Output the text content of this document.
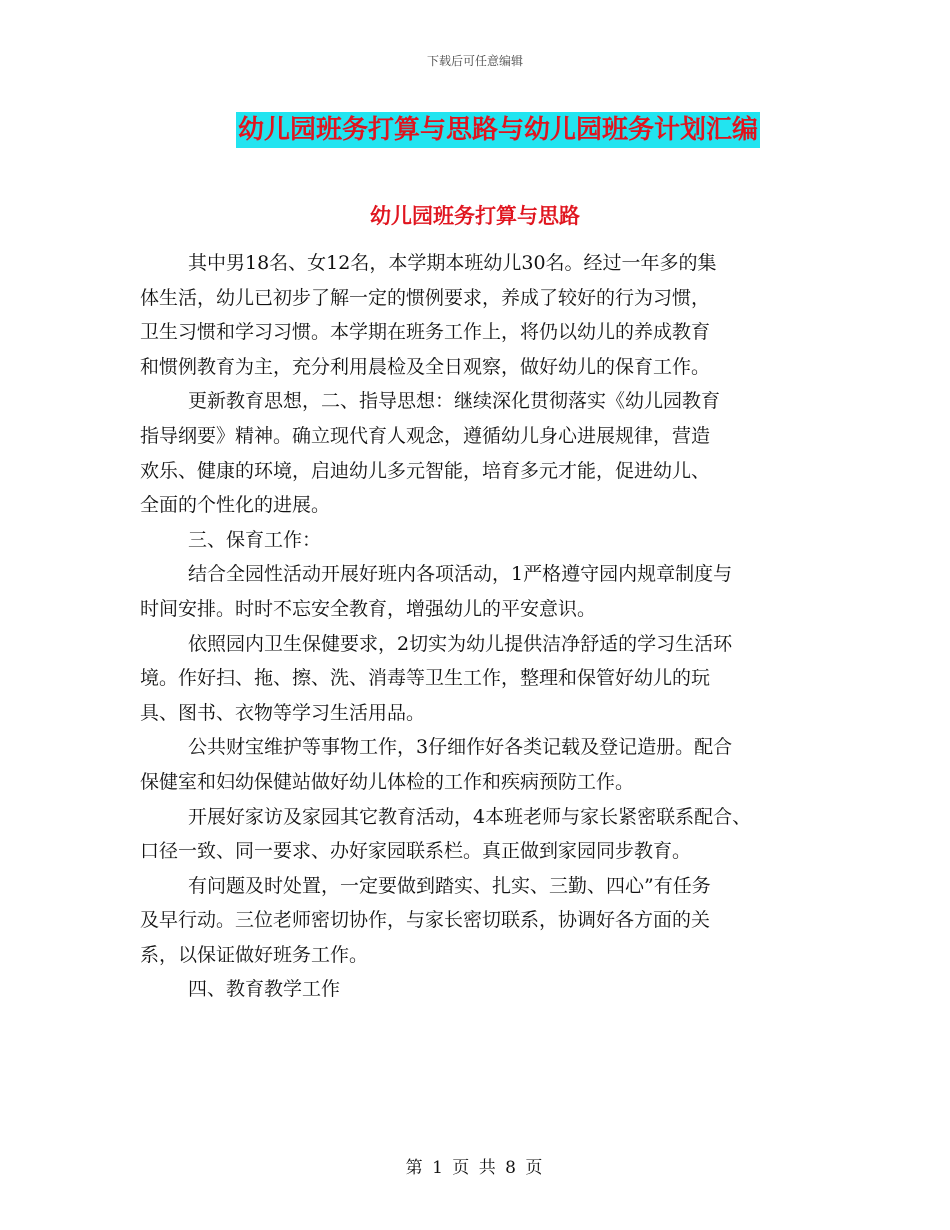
下载后可任意编辑
幼儿园班务打算与思路与幼儿园班务计划汇编
幼儿园班务打算与思路
其中男18名、女12名，本学期本班幼儿30名。经过一年多的集
体生活，幼儿已初步了解一定的惯例要求，养成了较好的行为习惯，
卫生习惯和学习习惯。本学期在班务工作上，将仍以幼儿的养成教育
和惯例教育为主，充分利用晨检及全日观察，做好幼儿的保育工作。
更新教育思想，二、指导思想：继续深化贯彻落实《幼儿园教育
指导纲要》精神。确立现代育人观念，遵循幼儿身心进展规律，营造
欢乐、健康的环境，启迪幼儿多元智能，培育多元才能，促进幼儿、
全面的个性化的进展。
三、保育工作：
结合全园性活动开展好班内各项活动，1严格遵守园内规章制度与
时间安排。时时不忘安全教育，增强幼儿的平安意识。
依照园内卫生保健要求，2切实为幼儿提供洁净舒适的学习生活环
境。作好扫、拖、擦、洗、消毒等卫生工作，整理和保管好幼儿的玩
具、图书、衣物等学习生活用品。
公共财宝维护等事物工作，3仔细作好各类记载及登记造册。配合
保健室和妇幼保健站做好幼儿体检的工作和疾病预防工作。
开展好家访及家园其它教育活动，4本班老师与家长紧密联系配合、
口径一致、同一要求、办好家园联系栏。真正做到家园同步教育。
有问题及时处置，一定要做到踏实、扎实、三勤、四心”有任务
及早行动。三位老师密切协作，与家长密切联系，协调好各方面的关
系，以保证做好班务工作。
四、教育教学工作
第 1 页 共 8 页
